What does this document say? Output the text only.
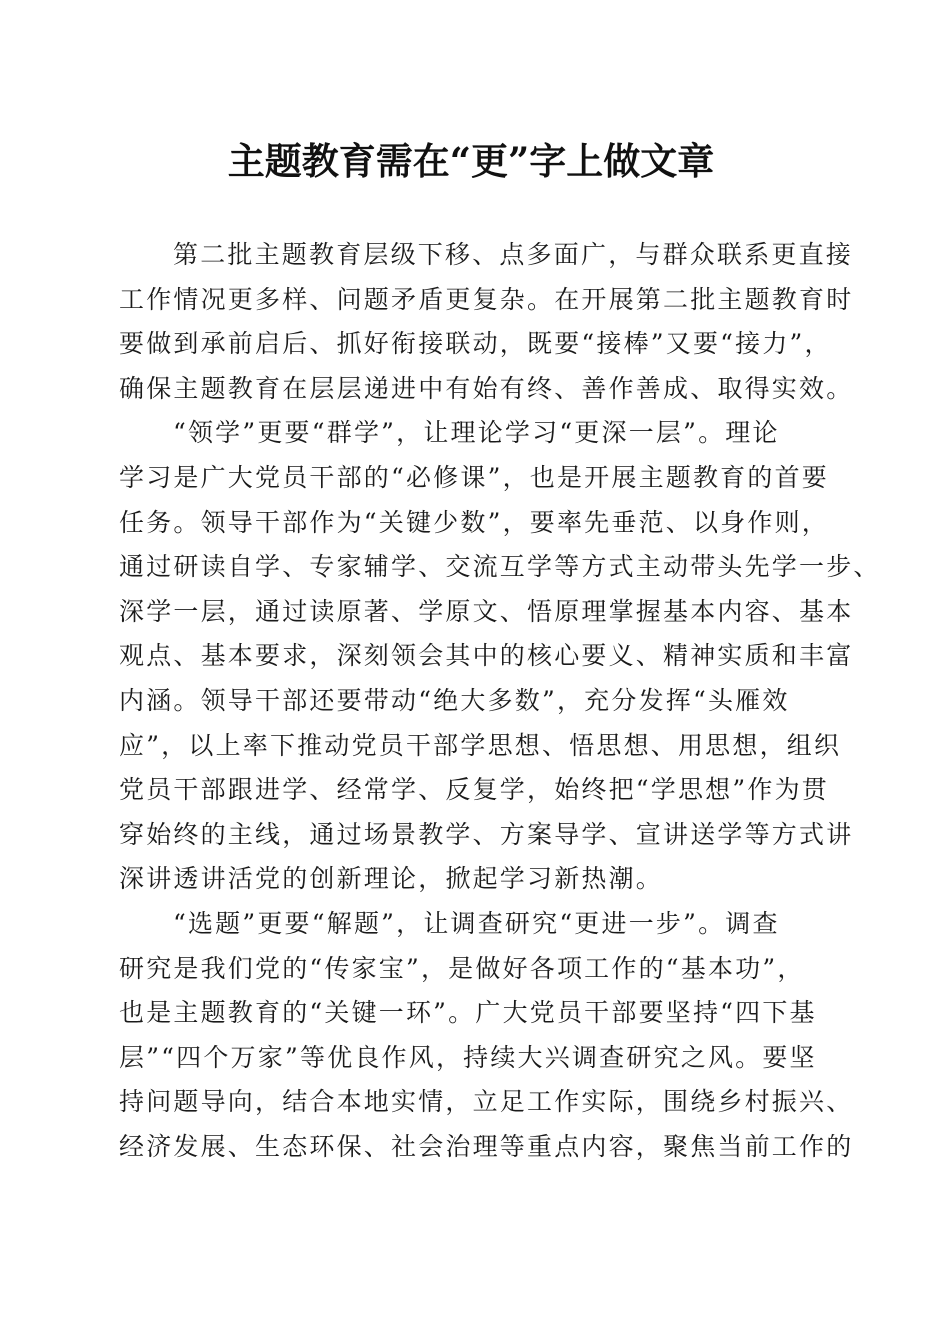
主题教育需在“更”字上做文章
第二批主题教育层级下移、点多面广，与群众联系更直接
工作情况更多样、问题矛盾更复杂。在开展第二批主题教育时
要做到承前启后、抓好衔接联动，既要“接棒”又要“接力”，
确保主题教育在层层递进中有始有终、善作善成、取得实效。
“领学”更要“群学”，让理论学习“更深一层”。理论
学习是广大党员干部的“必修课”，也是开展主题教育的首要
任务。领导干部作为“关键少数”，要率先垂范、以身作则，
通过研读自学、专家辅学、交流互学等方式主动带头先学一步、
深学一层，通过读原著、学原文、悟原理掌握基本内容、基本
观点、基本要求，深刻领会其中的核心要义、精神实质和丰富
内涵。领导干部还要带动“绝大多数”，充分发挥“头雁效
应”，以上率下推动党员干部学思想、悟思想、用思想，组织
党员干部跟进学、经常学、反复学，始终把“学思想”作为贯
穿始终的主线，通过场景教学、方案导学、宣讲送学等方式讲
深讲透讲活党的创新理论，掀起学习新热潮。
“选题”更要“解题”，让调查研究“更进一步”。调查
研究是我们党的“传家宝”，是做好各项工作的“基本功”，
也是主题教育的“关键一环”。广大党员干部要坚持“四下基
层”“四个万家”等优良作风，持续大兴调查研究之风。要坚
持问题导向，结合本地实情，立足工作实际，围绕乡村振兴、
经济发展、生态环保、社会治理等重点内容，聚焦当前工作的
